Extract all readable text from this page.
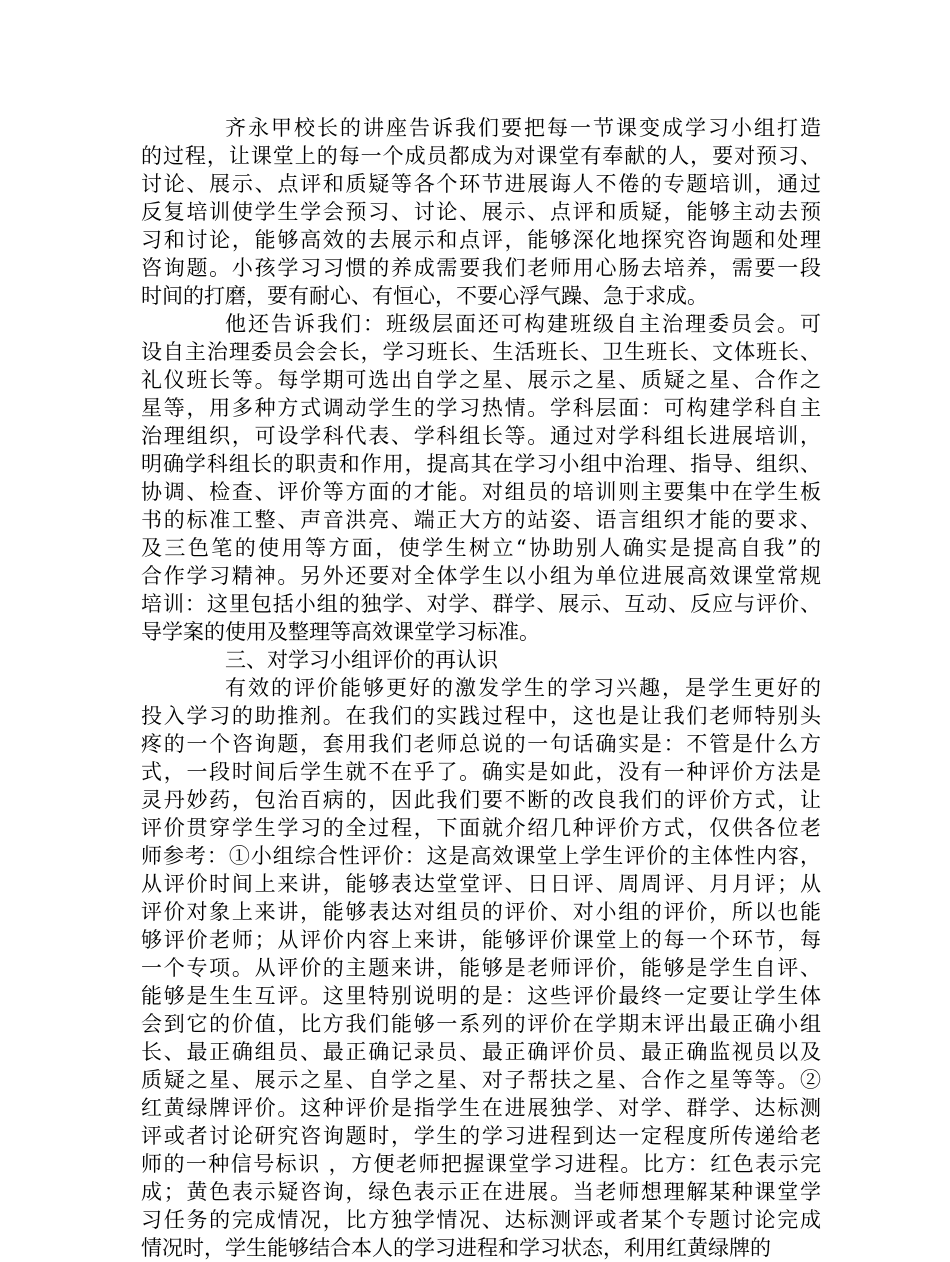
齐永甲校长的讲座告诉我们要把每一节课变成学习小组打造
的过程，让课堂上的每一个成员都成为对课堂有奉献的人，要对预习、
讨论、展示、点评和质疑等各个环节进展诲人不倦的专题培训，通过
反复培训使学生学会预习、讨论、展示、点评和质疑，能够主动去预
习和讨论，能够高效的去展示和点评，能够深化地探究咨询题和处理
咨询题。小孩学习习惯的养成需要我们老师用心肠去培养，需要一段
时间的打磨，要有耐心、有恒心，不要心浮气躁、急于求成。
他还告诉我们：班级层面还可构建班级自主治理委员会。可
设自主治理委员会会长，学习班长、生活班长、卫生班长、文体班长、
礼仪班长等。每学期可选出自学之星、展示之星、质疑之星、合作之
星等，用多种方式调动学生的学习热情。学科层面：可构建学科自主
治理组织，可设学科代表、学科组长等。通过对学科组长进展培训，
明确学科组长的职责和作用，提高其在学习小组中治理、指导、组织、
协调、检查、评价等方面的才能。对组员的培训则主要集中在学生板
书的标准工整、声音洪亮、端正大方的站姿、语言组织才能的要求、
及三色笔的使用等方面，使学生树立“协助别人确实是提高自我”的
合作学习精神。另外还要对全体学生以小组为单位进展高效课堂常规
培训：这里包括小组的独学、对学、群学、展示、互动、反应与评价、
导学案的使用及整理等高效课堂学习标准。
三、对学习小组评价的再认识
有效的评价能够更好的激发学生的学习兴趣，是学生更好的
投入学习的助推剂。在我们的实践过程中，这也是让我们老师特别头
疼的一个咨询题，套用我们老师总说的一句话确实是：不管是什么方
式，一段时间后学生就不在乎了。确实是如此，没有一种评价方法是
灵丹妙药，包治百病的，因此我们要不断的改良我们的评价方式，让
评价贯穿学生学习的全过程，下面就介绍几种评价方式，仅供各位老
师参考：①小组综合性评价：这是高效课堂上学生评价的主体性内容，
从评价时间上来讲，能够表达堂堂评、日日评、周周评、月月评；从
评价对象上来讲，能够表达对组员的评价、对小组的评价，所以也能
够评价老师；从评价内容上来讲，能够评价课堂上的每一个环节，每
一个专项。从评价的主题来讲，能够是老师评价，能够是学生自评、
能够是生生互评。这里特别说明的是：这些评价最终一定要让学生体
会到它的价值，比方我们能够一系列的评价在学期末评出最正确小组
长、最正确组员、最正确记录员、最正确评价员、最正确监视员以及
质疑之星、展示之星、自学之星、对子帮扶之星、合作之星等等。②
红黄绿牌评价。这种评价是指学生在进展独学、对学、群学、达标测
评或者讨论研究咨询题时，学生的学习进程到达一定程度所传递给老
师的一种信号标识 ，方便老师把握课堂学习进程。比方：红色表示完
成；黄色表示疑咨询，绿色表示正在进展。当老师想理解某种课堂学
习任务的完成情况，比方独学情况、达标测评或者某个专题讨论完成
情况时，学生能够结合本人的学习进程和学习状态，利用红黄绿牌的
